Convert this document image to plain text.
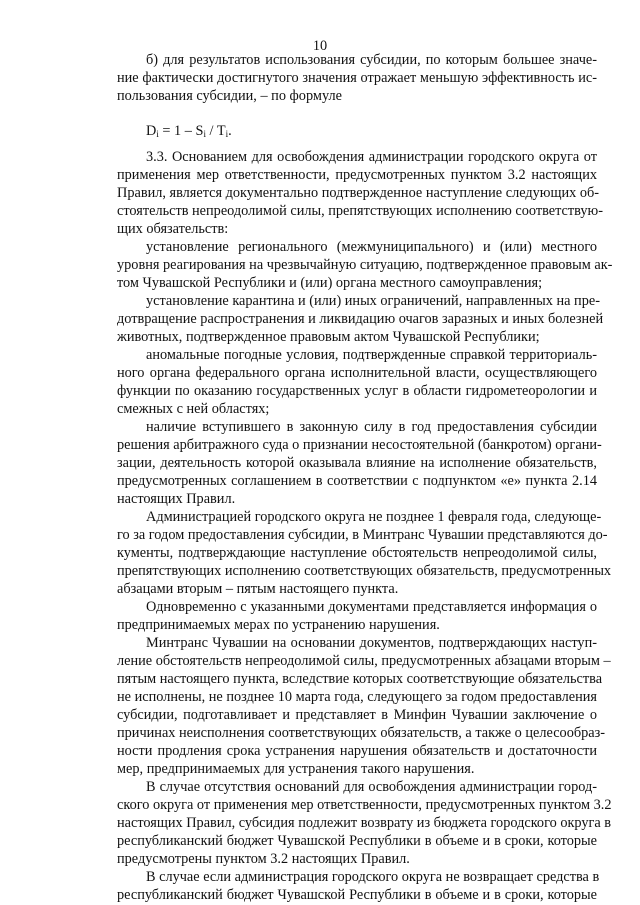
10
б) для результатов использования субсидии, по которым большее значе-
ние фактически достигнутого значения отражает меньшую эффективность ис-
пользования субсидии, – по формуле
3.3. Основанием для освобождения администрации городского округа от
применения мер ответственности, предусмотренных пунктом 3.2 настоящих
Правил, является документально подтвержденное наступление следующих об-
стоятельств непреодолимой силы, препятствующих исполнению соответствую-
щих обязательств:
установление регионального (межмуниципального) и (или) местного
уровня реагирования на чрезвычайную ситуацию, подтвержденное правовым ак-
том Чувашской Республики и (или) органа местного самоуправления;
установление карантина и (или) иных ограничений, направленных на пре-
дотвращение распространения и ликвидацию очагов заразных и иных болезней
животных, подтвержденное правовым актом Чувашской Республики;
аномальные погодные условия, подтвержденные справкой территориаль-
ного органа федерального органа исполнительной власти, осуществляющего
функции по оказанию государственных услуг в области гидрометеорологии и
смежных с ней областях;
наличие вступившего в законную силу в год предоставления субсидии
решения арбитражного суда о признании несостоятельной (банкротом) органи-
зации, деятельность которой оказывала влияние на исполнение обязательств,
предусмотренных соглашением в соответствии с подпунктом «е» пункта 2.14
настоящих Правил.
Администрацией городского округа не позднее 1 февраля года, следующе-
го за годом предоставления субсидии, в Минтранс Чувашии представляются до-
кументы, подтверждающие наступление обстоятельств непреодолимой силы,
препятствующих исполнению соответствующих обязательств, предусмотренных
абзацами вторым – пятым настоящего пункта.
Одновременно с указанными документами представляется информация о
предпринимаемых мерах по устранению нарушения.
Минтранс Чувашии на основании документов, подтверждающих наступ-
ление обстоятельств непреодолимой силы, предусмотренных абзацами вторым –
пятым настоящего пункта, вследствие которых соответствующие обязательства
не исполнены, не позднее 10 марта года, следующего за годом предоставления
субсидии, подготавливает и представляет в Минфин Чувашии заключение о
причинах неисполнения соответствующих обязательств, а также о целесообраз-
ности продления срока устранения нарушения обязательств и достаточности
мер, предпринимаемых для устранения такого нарушения.
В случае отсутствия оснований для освобождения администрации город-
ского округа от применения мер ответственности, предусмотренных пунктом 3.2
настоящих Правил, субсидия подлежит возврату из бюджета городского округа в
республиканский бюджет Чувашской Республики в объеме и в сроки, которые
предусмотрены пунктом 3.2 настоящих Правил.
В случае если администрация городского округа не возвращает средства в
республиканский бюджет Чувашской Республики в объеме и в сроки, которые
$D_i = 1 - S_i / T_i$.
